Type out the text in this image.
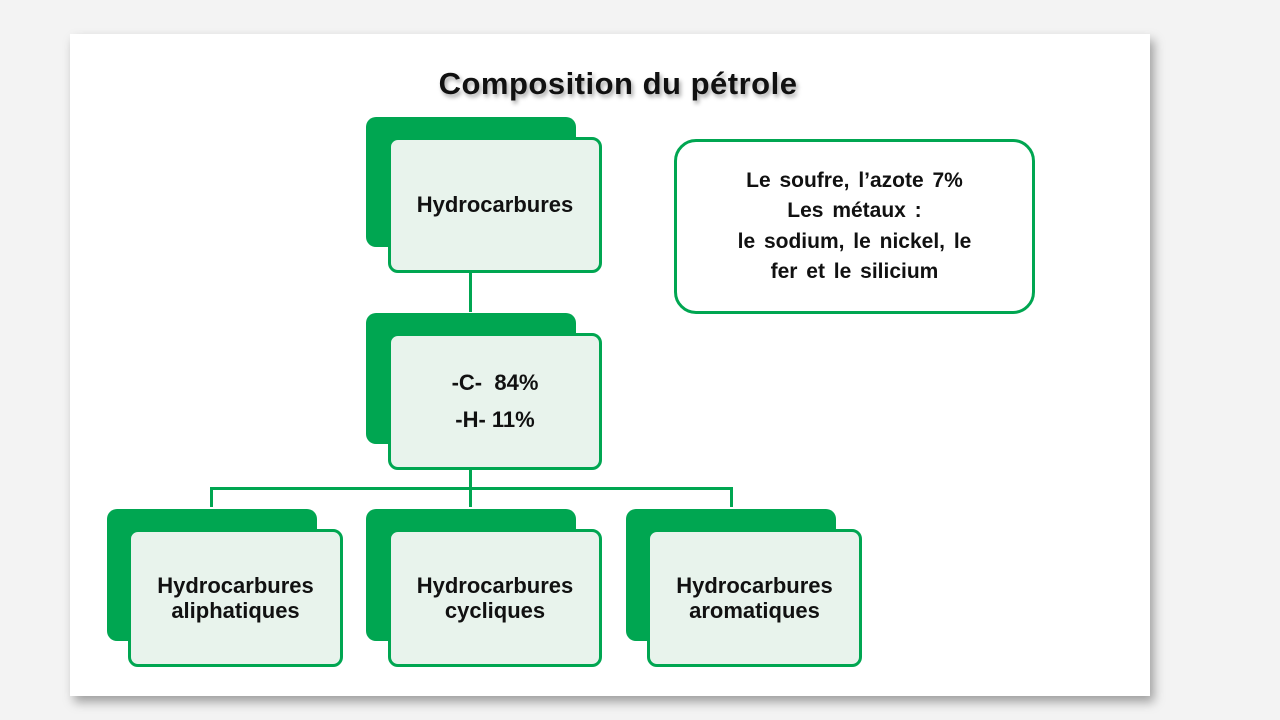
Composition du pétrole
Hydrocarbures
-C-  84%
-H- 11%
Hydrocarbures
aliphatiques
Hydrocarbures
cycliques
Hydrocarbures
aromatiques
Le soufre, l’azote 7%
Les métaux :
le sodium, le nickel, le
fer et le silicium
